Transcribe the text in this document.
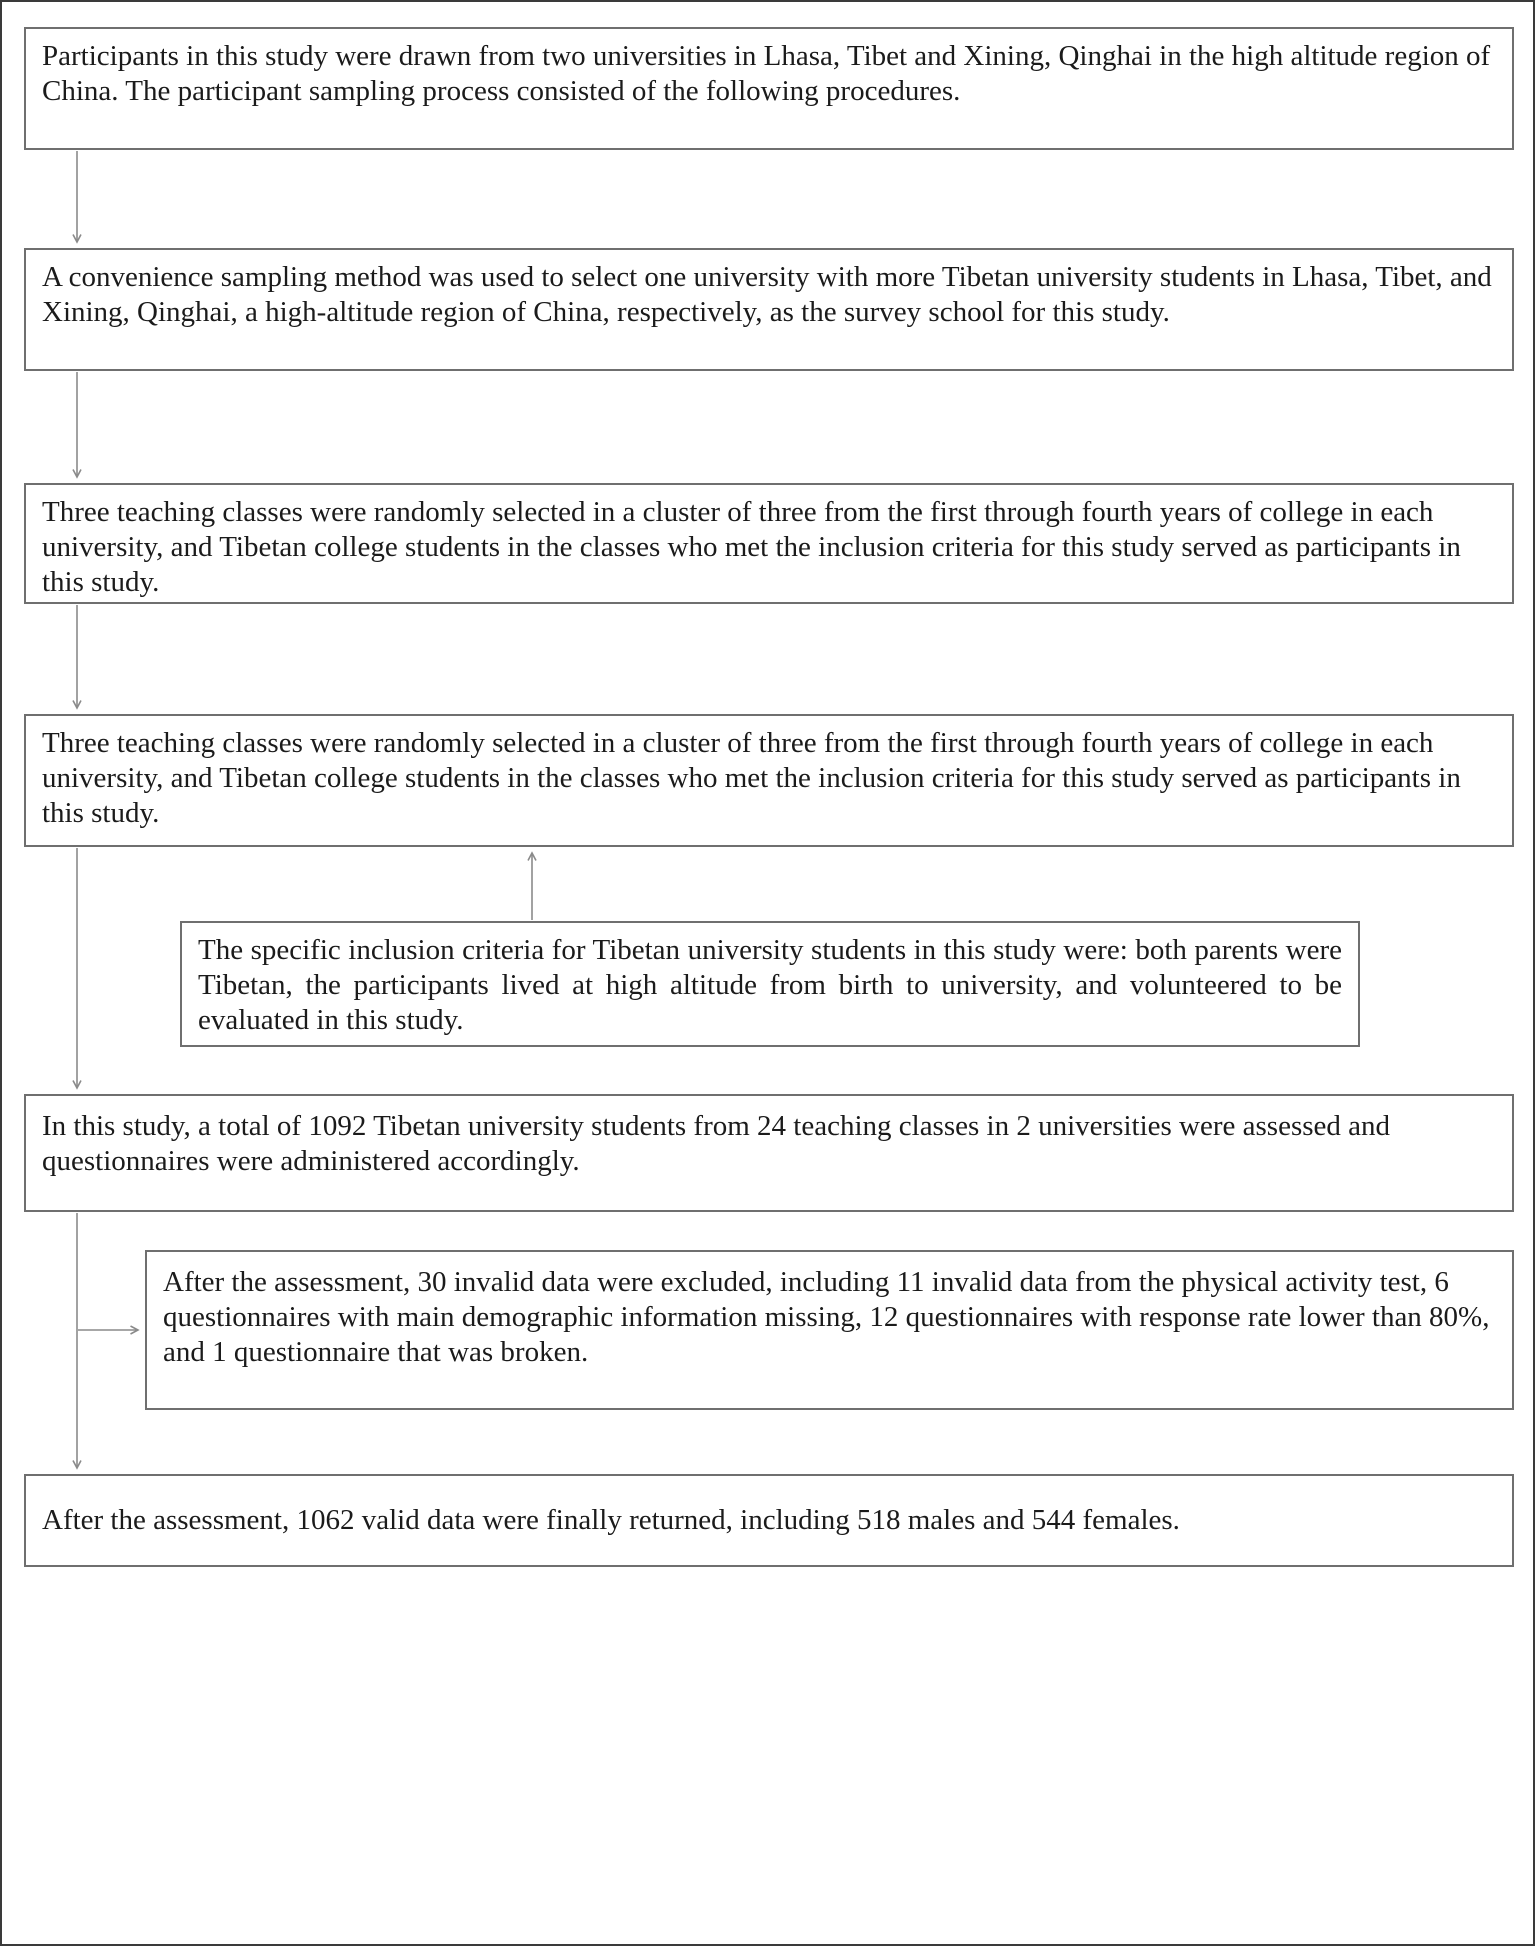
Participants in this study were drawn from two universities in Lhasa, Tibet and Xining, Qinghai in the high altitude region of China. The participant sampling process consisted of the following procedures.

A convenience sampling method was used to select one university with more Tibetan university students in Lhasa, Tibet, and Xining, Qinghai, a high-altitude region of China, respectively, as the survey school for this study.

Three teaching classes were randomly selected in a cluster of three from the first through fourth years of college in each university, and Tibetan college students in the classes who met the inclusion criteria for this study served as participants in this study.

Three teaching classes were randomly selected in a cluster of three from the first through fourth years of college in each university, and Tibetan college students in the classes who met the inclusion criteria for this study served as participants in this study.

The specific inclusion criteria for Tibetan university students in this study were: both parents were Tibetan, the participants lived at high altitude from birth to university, and volunteered to be evaluated in this study.

In this study, a total of 1092 Tibetan university students from 24 teaching classes in 2 universities were assessed and questionnaires were administered accordingly.

After the assessment, 30 invalid data were excluded, including 11 invalid data from the physical activity test, 6 questionnaires with main demographic information missing, 12 questionnaires with response rate lower than 80%, and 1 questionnaire that was broken.

After the assessment, 1062 valid data were finally returned, including 518 males and 544 females.
